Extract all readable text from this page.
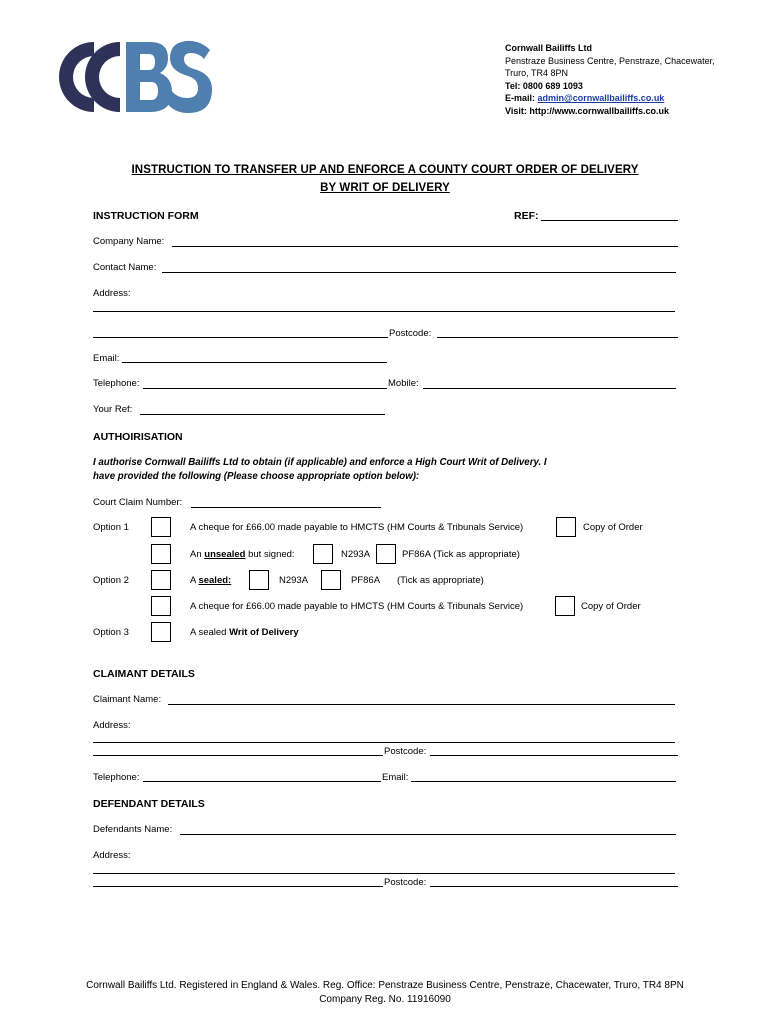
Cornwall Bailiffs Ltd
Penstraze Business Centre, Penstraze, Chacewater,
Truro, TR4 8PN
Tel: 0800 689 1093
E-mail: admin@cornwallbailiffs.co.uk
Visit: http://www.cornwallbailiffs.co.uk
INSTRUCTION TO TRANSFER UP AND ENFORCE A COUNTY COURT ORDER OF DELIVERY
BY WRIT OF DELIVERY
INSTRUCTION FORM	REF:
Company Name:
Contact Name:
Address:
Postcode:
Email:
Telephone:	Mobile:
Your Ref:
AUTHOIRISATION
I authorise Cornwall Bailiffs Ltd to obtain (if applicable) and enforce a High Court Writ of Delivery. I
have provided the following (Please choose appropriate option below):
Court Claim Number:
Option 1	A cheque for £66.00 made payable to HMCTS (HM Courts & Tribunals Service)	Copy of Order
An unsealed but signed:	N293A	PF86A (Tick as appropriate)
Option 2	A sealed:	N293A	PF86A (Tick as appropriate)
A cheque for £66.00 made payable to HMCTS (HM Courts & Tribunals Service)	Copy of Order
Option 3	A sealed Writ of Delivery
CLAIMANT DETAILS
Claimant Name:
Address:
Postcode:
Telephone:	Email:
DEFENDANT DETAILS
Defendants Name:
Address:
Postcode:
Cornwall Bailiffs Ltd. Registered in England & Wales. Reg. Office: Penstraze Business Centre, Penstraze, Chacewater, Truro, TR4 8PN
Company Reg. No. 11916090
